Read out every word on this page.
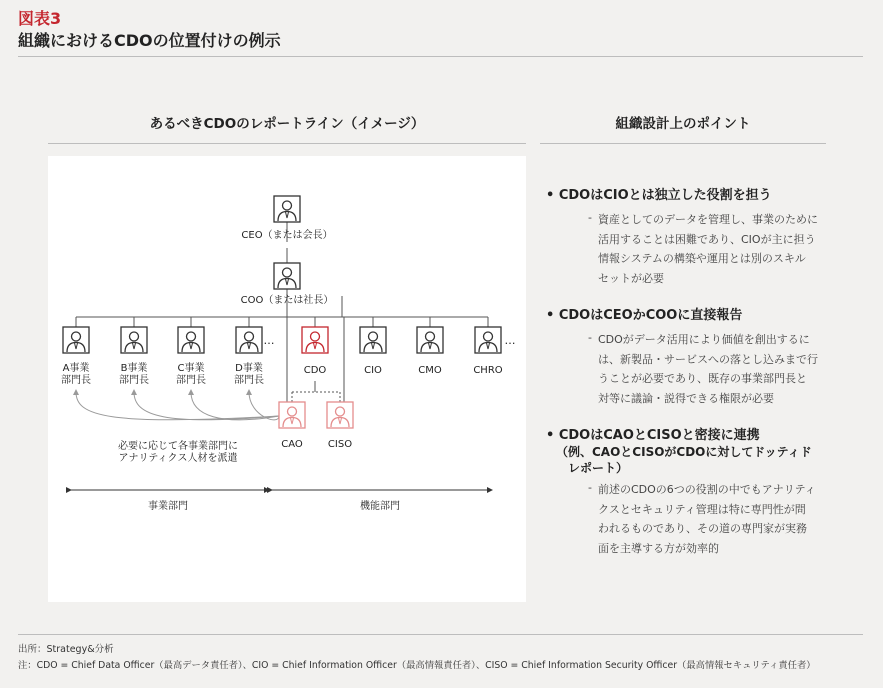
図表3
組織におけるCDOの位置付けの例示
あるべきCDOのレポートライン（イメージ）	組織設計上のポイント
CEO（または会長）
COO（または社長）
A事業部門長
B事業部門長
C事業部門長
D事業部門長
…
CDO	CIO	CMO	CHRO
…
CAO	CISO
必要に応じて各事業部門にアナリティクス人材を派遣
事業部門	機能部門
• CDOはCIOとは独立した役割を担う
- 資産としてのデータを管理し、事業のために
活用することは困難であり、CIOが主に担う
情報システムの構築や運用とは別のスキル
セットが必要
• CDOはCEOかCOOに直接報告
- CDOがデータ活用により価値を創出するに
は、新製品・サービスへの落とし込みまで行
うことが必要であり、既存の事業部門長と
対等に議論・説得できる権限が必要
• CDOはCAOとCISOと密接に連携
（例、CAOとCISOがCDOに対してドッティド
　レポート）
- 前述のCDOの6つの役割の中でもアナリティ
クスとセキュリティ管理は特に専門性が問
われるものであり、その道の専門家が実務
面を主導する方が効率的
出所：Strategy&分析
注：CDO = Chief Data Officer（最高データ責任者）、CIO = Chief Information Officer（最高情報責任者）、CISO = Chief Information Security Officer（最高情報セキュリティ責任者）
